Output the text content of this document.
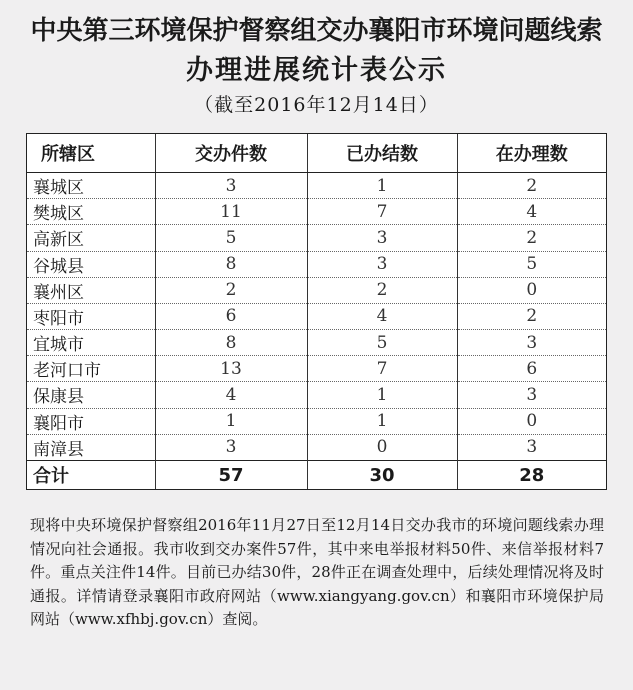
中央第三环境保护督察组交办襄阳市环境问题线索
办理进展统计表公示
（截至2016年12月14日）
所辖区	交办件数	已办结数	在办理数
襄城区	3	1	2
樊城区	11	7	4
高新区	5	3	2
谷城县	8	3	5
襄州区	2	2	0
枣阳市	6	4	2
宜城市	8	5	3
老河口市	13	7	6
保康县	4	1	3
襄阳市	1	1	0
南漳县	3	0	3
合计	57	30	28

现将中央环境保护督察组2016年11月27日至12月14日交办我市的环境问题线索办理情况向社会通报。我市收到交办案件57件，其中来电举报材料50件、来信举报材料7件。重点关注件14件。目前已办结30件，28件正在调查处理中，后续处理情况将及时通报。详情请登录襄阳市政府网站（www.xiangyang.gov.cn）和襄阳市环境保护局网站（www.xfhbj.gov.cn）查阅。
